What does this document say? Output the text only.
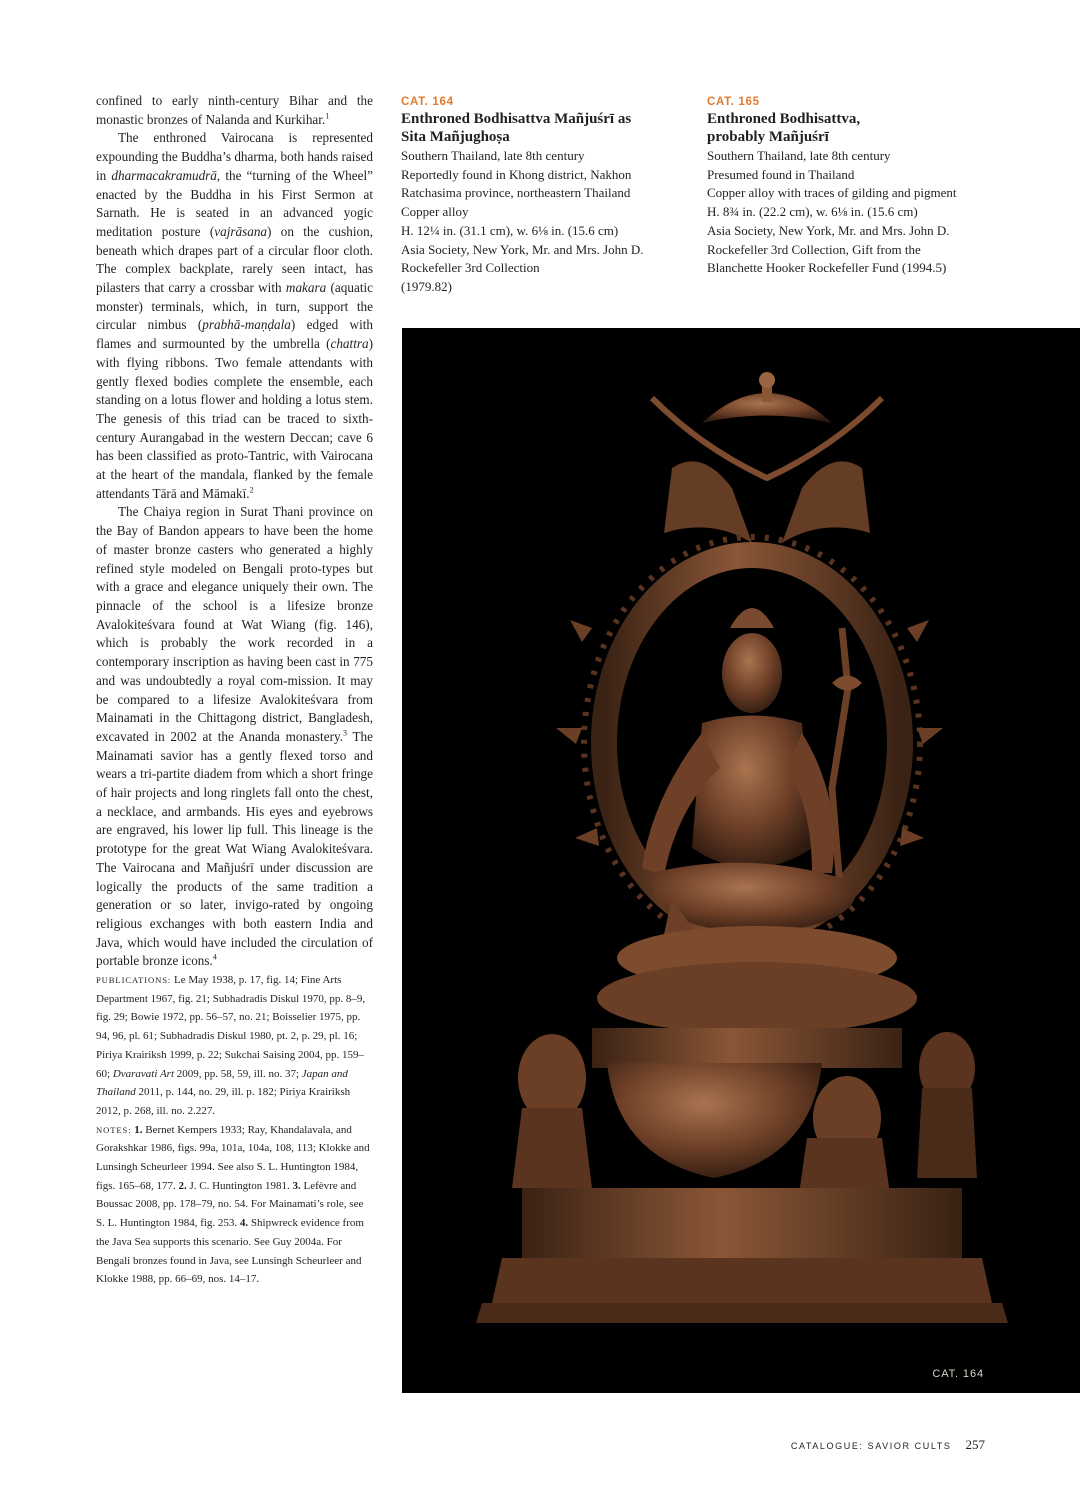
confined to early ninth-century Bihar and the monastic bronzes of Nalanda and Kurkihar.$^1$

The enthroned Vairocana is represented expounding the Buddha’s dharma, both hands raised in dharmacakramudrā, the “turning of the Wheel” enacted by the Buddha in his First Sermon at Sarnath. He is seated in an advanced yogic meditation posture (vajrāsana) on the cushion, beneath which drapes part of a circular floor cloth. The complex backplate, rarely seen intact, has pilasters that carry a crossbar with makara (aquatic monster) terminals, which, in turn, support the circular nimbus (prabhā-maṇḍala) edged with flames and surmounted by the umbrella (chattra) with flying ribbons. Two female attendants with gently flexed bodies complete the ensemble, each standing on a lotus flower and holding a lotus stem. The genesis of this triad can be traced to sixth-century Aurangabad in the western Deccan; cave 6 has been classified as proto-Tantric, with Vairocana at the heart of the mandala, flanked by the female attendants Tārā and Māmakī.$^2$

The Chaiya region in Surat Thani province on the Bay of Bandon appears to have been the home of master bronze casters who generated a highly refined style modeled on Bengali proto-types but with a grace and elegance uniquely their own. The pinnacle of the school is a lifesize bronze Avalokiteśvara found at Wat Wiang (fig. 146), which is probably the work recorded in a contemporary inscription as having been cast in 775 and was undoubtedly a royal com-mission. It may be compared to a lifesize Avalokiteśvara from Mainamati in the Chittagong district, Bangladesh, excavated in 2002 at the Ananda monastery.$^3$ The Mainamati savior has a gently flexed torso and wears a tri-partite diadem from which a short fringe of hair projects and long ringlets fall onto the chest, a necklace, and armbands. His eyes and eyebrows are engraved, his lower lip full. This lineage is the prototype for the great Wat Wiang Avalokiteśvara. The Vairocana and Mañjuśrī under discussion are logically the products of the same tradition a generation or so later, invigo-rated by ongoing religious exchanges with both eastern India and Java, which would have included the circulation of portable bronze icons.$^4$

PUBLICATIONS: Le May 1938, p. 17, fig. 14; Fine Arts Department 1967, fig. 21; Subhadradis Diskul 1970, pp. 8–9, fig. 29; Bowie 1972, pp. 56–57, no. 21; Boisselier 1975, pp. 94, 96, pl. 61; Subhadradis Diskul 1980, pt. 2, p. 29, pl. 16; Piriya Krairiksh 1999, p. 22; Sukchai Saising 2004, pp. 159–60; Dvaravati Art 2009, pp. 58, 59, ill. no. 37; Japan and Thailand 2011, p. 144, no. 29, ill. p. 182; Piriya Krairiksh 2012, p. 268, ill. no. 2.227.

NOTES: 1. Bernet Kempers 1933; Ray, Khandalavala, and Gorakshkar 1986, figs. 99a, 101a, 104a, 108, 113; Klokke and Lunsingh Scheurleer 1994. See also S. L. Huntington 1984, figs. 165–68, 177. 2. J. C. Huntington 1981. 3. Lefèvre and Boussac 2008, pp. 178–79, no. 54. For Mainamati’s role, see S. L. Huntington 1984, fig. 253. 4. Shipwreck evidence from the Java Sea supports this scenario. See Guy 2004a. For Bengali bronzes found in Java, see Lunsingh Scheurleer and Klokke 1988, pp. 66–69, nos. 14–17.

CAT. 164
Enthroned Bodhisattva Mañjuśrī as
Sita Mañjughoṣa
Southern Thailand, late 8th century
Reportedly found in Khong district, Nakhon
Ratchasima province, northeastern Thailand
Copper alloy
H. 12¼ in. (31.1 cm), w. 6⅛ in. (15.6 cm)
Asia Society, New York, Mr. and Mrs. John D.
Rockefeller 3rd Collection
(1979.82)
CAT. 165
Enthroned Bodhisattva,
probably Mañjuśrī
Southern Thailand, late 8th century
Presumed found in Thailand
Copper alloy with traces of gilding and pigment
H. 8¾ in. (22.2 cm), w. 6⅛ in. (15.6 cm)
Asia Society, New York, Mr. and Mrs. John D.
Rockefeller 3rd Collection, Gift from the
Blanchette Hooker Rockefeller Fund (1994.5)
CAT. 164
CATALOGUE: SAVIOR CULTS 257
